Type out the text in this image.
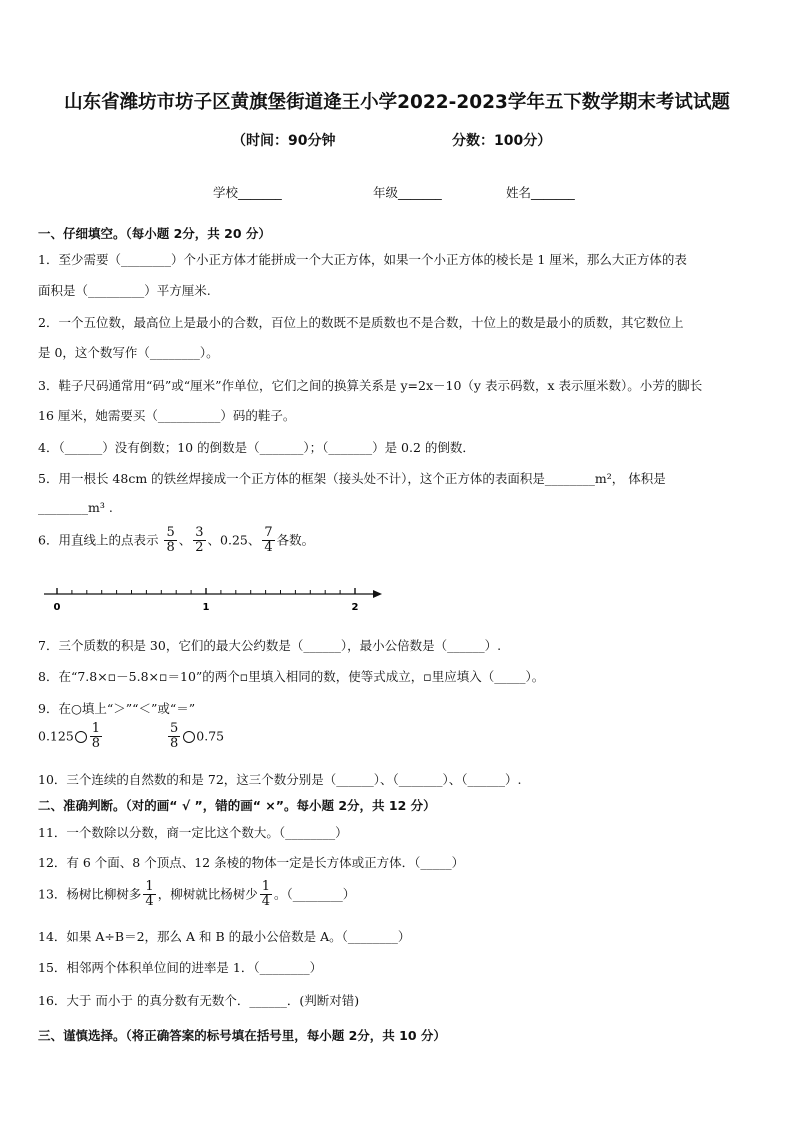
山东省潍坊市坊子区黄旗堡街道逄王小学2022-2023学年五下数学期末考试试题
（时间：90分钟	分数：100分）
学校_______	年级_______	姓名_______
一、仔细填空。（每小题 2分，共 20 分）
1．至少需要（________）个小正方体才能拼成一个大正方体，如果一个小正方体的棱长是 1 厘米，那么大正方体的表
面积是（_________）平方厘米.
2．一个五位数，最高位上是最小的合数，百位上的数既不是质数也不是合数，十位上的数是最小的质数，其它数位上
是 0，这个数写作（________）。
3．鞋子尺码通常用“码”或“厘米”作单位，它们之间的换算关系是 y=2x－10（y 表示码数，x 表示厘米数）。小芳的脚长
16 厘米，她需要买（__________）码的鞋子。
4．（______）没有倒数；10 的倒数是（_______）；（_______）是 0.2 的倒数．
5．用一根长 48cm 的铁丝焊接成一个正方体的框架（接头处不计），这个正方体的表面积是________m²， 体积是
________m³ .
6．用直线上的点表示 $\frac{5}{8}$ 、 $\frac{3}{2}$ 、0.25、 $\frac{7}{4}$ 各数。
0	1	2
7．三个质数的积是 30，它们的最大公约数是（______），最小公倍数是（______）.
8．在“7.8×▫－5.8×▫＝10”的两个▫里填入相同的数，使等式成立，▫里应填入（_____）。
9．在○填上“＞”“＜”或“＝”
$0.125 \frac{1}{8}$	$\frac{5}{8} 0.75$
10．三个连续的自然数的和是 72，这三个数分别是（______）、（_______）、（______）.
二、准确判断。（对的画“ √ ”，错的画“ ×”。每小题 2分，共 12 分）
11．一个数除以分数，商一定比这个数大。（________）
12．有 6 个面、8 个顶点、12 条棱的物体一定是长方体或正方体．（_____）
13．杨树比柳树多 $\frac{1}{4}$ ，柳树就比杨树少 $\frac{1}{4}$ 。（________）
14．如果 A÷B＝2，那么 A 和 B 的最小公倍数是 A。（________）
15．相邻两个体积单位间的进率是 1．（________）
16．大于 而小于 的真分数有无数个．______．(判断对错)
三、谨慎选择。（将正确答案的标号填在括号里，每小题 2分，共 10 分）
